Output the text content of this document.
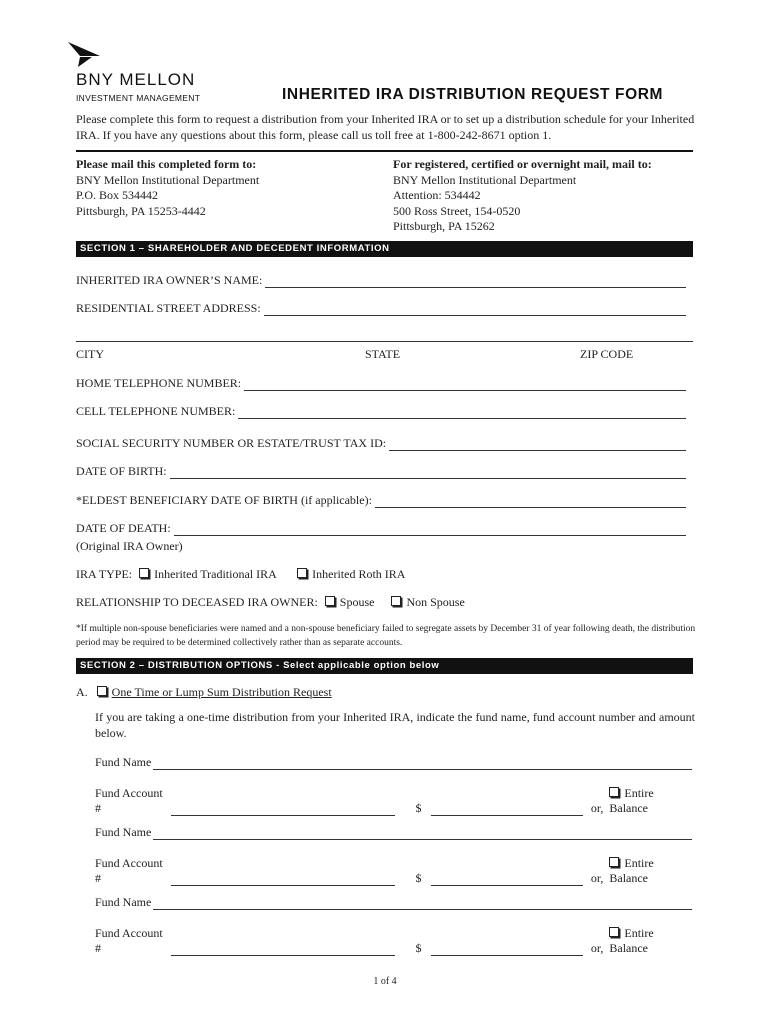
BNY MELLON
INVESTMENT MANAGEMENT	INHERITED IRA DISTRIBUTION REQUEST FORM
Please complete this form to request a distribution from your Inherited IRA or to set up a distribution schedule for your Inherited IRA. If you have any questions about this form, please call us toll free at 1-800-242-8671 option 1.
Please mail this completed form to:
BNY Mellon Institutional Department
P.O. Box 534442
Pittsburgh, PA 15253-4442
For registered, certified or overnight mail, mail to:
BNY Mellon Institutional Department
Attention: 534442
500 Ross Street, 154-0520
Pittsburgh, PA 15262
SECTION 1 – SHAREHOLDER AND DECEDENT INFORMATION
INHERITED IRA OWNER’S NAME:
RESIDENTIAL STREET ADDRESS:
CITY	STATE	ZIP CODE
HOME TELEPHONE NUMBER:
CELL TELEPHONE NUMBER:
SOCIAL SECURITY NUMBER OR ESTATE/TRUST TAX ID:
DATE OF BIRTH:
*ELDEST BENEFICIARY DATE OF BIRTH (if applicable):
DATE OF DEATH:
(Original IRA Owner)
IRA TYPE: Inherited Traditional IRA	Inherited Roth IRA
RELATIONSHIP TO DECEASED IRA OWNER: Spouse	Non Spouse
*If multiple non-spouse beneficiaries were named and a non-spouse beneficiary failed to segregate assets by December 31 of year following death, the distribution period may be required to be determined collectively rather than as separate accounts.
SECTION 2 – DISTRIBUTION OPTIONS - Select applicable option below
A. One Time or Lump Sum Distribution Request
If you are taking a one-time distribution from your Inherited IRA, indicate the fund name, fund account number and amount below.
Fund Name
Fund Account #	$	or,
Entire Balance
Fund Name
Fund Account #	$	or,
Entire Balance
Fund Name
Fund Account #	$	or,
Entire Balance
1 of 4
